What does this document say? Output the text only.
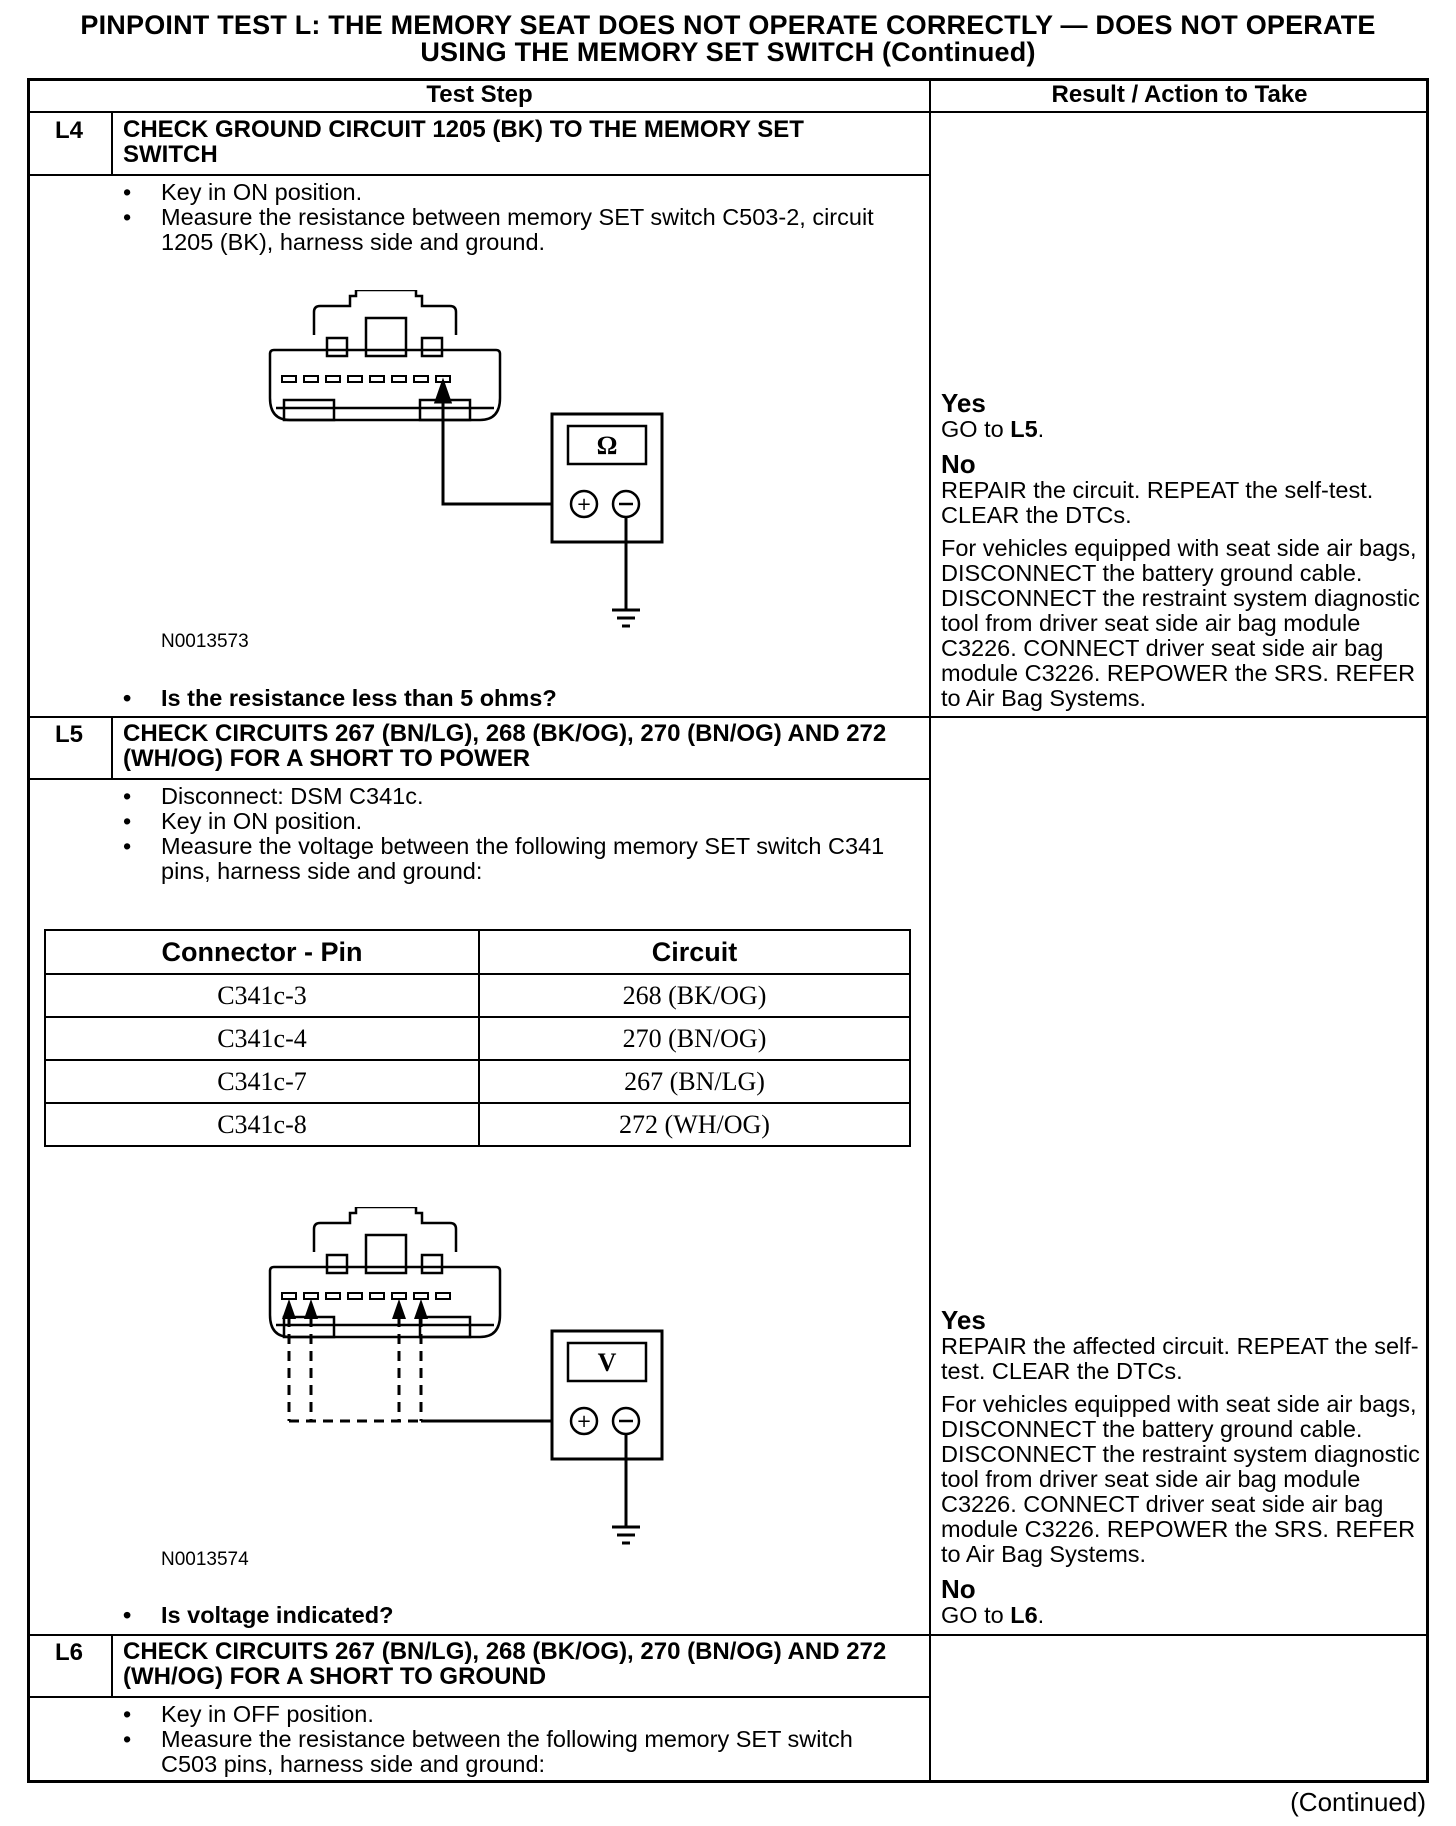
PINPOINT TEST L: THE MEMORY SEAT DOES NOT OPERATE CORRECTLY — DOES NOT OPERATE
USING THE MEMORY SET SWITCH (Continued)
Test Step	Result / Action to Take
L4	CHECK GROUND CIRCUIT 1205 (BK) TO THE MEMORY SET SWITCH
• Key in ON position.
• Measure the resistance between memory SET switch C503-2, circuit 1205 (BK), harness side and ground.
Ω
+
N0013573
• Is the resistance less than 5 ohms?
Yes

GO to L5.

No

REPAIR the circuit. REPEAT the self-test. CLEAR the DTCs.

For vehicles equipped with seat side air bags, DISCONNECT the battery ground cable. DISCONNECT the restraint system diagnostic tool from driver seat side air bag module C3226. CONNECT driver seat side air bag module C3226. REPOWER the SRS. REFER to Air Bag Systems.

L5	CHECK CIRCUITS 267 (BN/LG), 268 (BK/OG), 270 (BN/OG) AND 272 (WH/OG) FOR A SHORT TO POWER
• Disconnect: DSM C341c.
• Key in ON position.
• Measure the voltage between the following memory SET switch C341 pins, harness side and ground:
Connector - Pin	Circuit
C341c-3	268 (BK/OG)
C341c-4	270 (BN/OG)
C341c-7	267 (BN/LG)
C341c-8	272 (WH/OG)
V
+
N0013574
• Is voltage indicated?
Yes

REPAIR the affected circuit. REPEAT the self-test. CLEAR the DTCs.

For vehicles equipped with seat side air bags, DISCONNECT the battery ground cable. DISCONNECT the restraint system diagnostic tool from driver seat side air bag module C3226. CONNECT driver seat side air bag module C3226. REPOWER the SRS. REFER to Air Bag Systems.

No

GO to L6.

L6	CHECK CIRCUITS 267 (BN/LG), 268 (BK/OG), 270 (BN/OG) AND 272 (WH/OG) FOR A SHORT TO GROUND
• Key in OFF position.
• Measure the resistance between the following memory SET switch C503 pins, harness side and ground:
(Continued)
